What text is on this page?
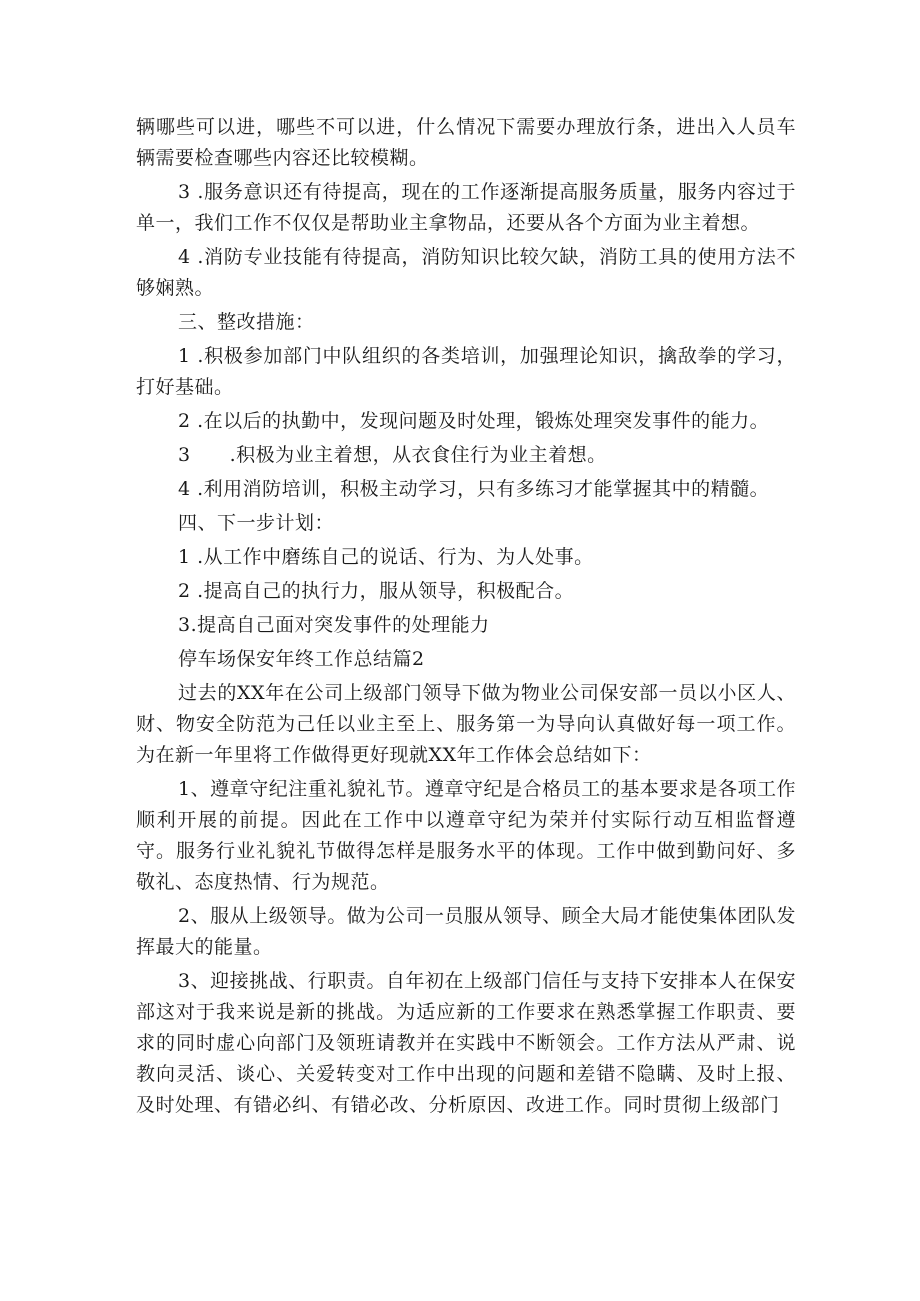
辆哪些可以进，哪些不可以进，什么情况下需要办理放行条，进出入人员车辆需要检查哪些内容还比较模糊。

3 .服务意识还有待提高，现在的工作逐渐提高服务质量，服务内容过于单一，我们工作不仅仅是帮助业主拿物品，还要从各个方面为业主着想。

4 .消防专业技能有待提高，消防知识比较欠缺，消防工具的使用方法不够娴熟。

三、整改措施：

1 .积极参加部门中队组织的各类培训，加强理论知识，擒敌拳的学习，打好基础。

2 .在以后的执勤中，发现问题及时处理，锻炼处理突发事件的能力。

3　　.积极为业主着想，从衣食住行为业主着想。

4 .利用消防培训，积极主动学习，只有多练习才能掌握其中的精髓。

四、下一步计划：

1 .从工作中磨练自己的说话、行为、为人处事。

2 .提高自己的执行力，服从领导，积极配合。

3.提高自己面对突发事件的处理能力

停车场保安年终工作总结篇2

过去的XX年在公司上级部门领导下做为物业公司保安部一员以小区人、财、物安全防范为己任以业主至上、服务第一为导向认真做好每一项工作。为在新一年里将工作做得更好现就XX年工作体会总结如下：

1、遵章守纪注重礼貌礼节。遵章守纪是合格员工的基本要求是各项工作顺利开展的前提。因此在工作中以遵章守纪为荣并付实际行动互相监督遵守。服务行业礼貌礼节做得怎样是服务水平的体现。工作中做到勤问好、多敬礼、态度热情、行为规范。

2、服从上级领导。做为公司一员服从领导、顾全大局才能使集体团队发挥最大的能量。

3、迎接挑战、行职责。自年初在上级部门信任与支持下安排本人在保安部这对于我来说是新的挑战。为适应新的工作要求在熟悉掌握工作职责、要求的同时虚心向部门及领班请教并在实践中不断领会。工作方法从严肃、说教向灵活、谈心、关爱转变对工作中出现的问题和差错不隐瞒、及时上报、及时处理、有错必纠、有错必改、分析原因、改进工作。同时贯彻上级部门
